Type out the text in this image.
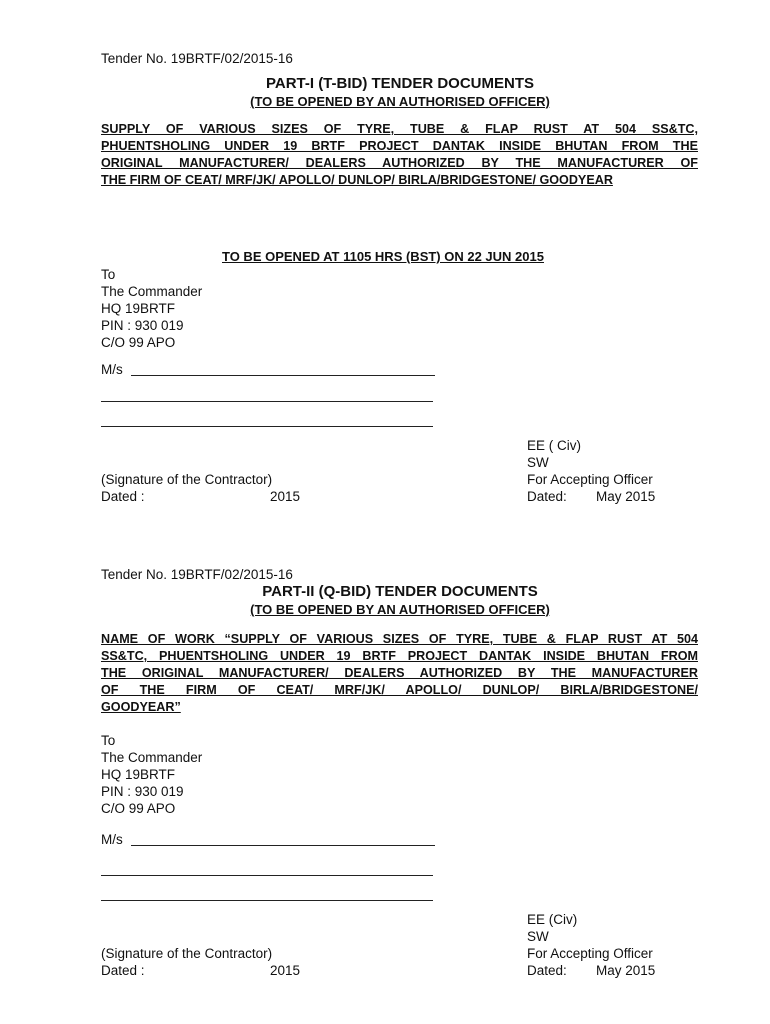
Tender No. 19BRTF/02/2015-16
PART-I (T-BID) TENDER DOCUMENTS
(TO BE OPENED BY AN AUTHORISED OFFICER)
SUPPLY OF VARIOUS SIZES OF TYRE, TUBE & FLAP RUST AT 504 SS&TC,
PHUENTSHOLING UNDER 19 BRTF PROJECT DANTAK INSIDE BHUTAN FROM THE
ORIGINAL MANUFACTURER/ DEALERS AUTHORIZED BY THE MANUFACTURER OF
THE FIRM OF CEAT/ MRF/JK/ APOLLO/ DUNLOP/ BIRLA/BRIDGESTONE/ GOODYEAR
TO BE OPENED AT 1105 HRS (BST) ON 22 JUN 2015
To
The Commander
HQ 19BRTF
PIN : 930 019
C/O 99 APO
M/s
EE ( Civ)
SW
For Accepting Officer
Dated: May 2015
(Signature of the Contractor)
Dated :	2015
Tender No. 19BRTF/02/2015-16
PART-II (Q-BID) TENDER DOCUMENTS
(TO BE OPENED BY AN AUTHORISED OFFICER)
NAME OF WORK “SUPPLY OF VARIOUS SIZES OF TYRE, TUBE & FLAP RUST AT 504
SS&TC, PHUENTSHOLING UNDER 19 BRTF PROJECT DANTAK INSIDE BHUTAN FROM
THE ORIGINAL MANUFACTURER/ DEALERS AUTHORIZED BY THE MANUFACTURER
OF THE FIRM OF CEAT/ MRF/JK/ APOLLO/ DUNLOP/ BIRLA/BRIDGESTONE/
GOODYEAR”
To
The Commander
HQ 19BRTF
PIN : 930 019
C/O 99 APO
M/s
EE (Civ)
SW
For Accepting Officer
Dated: May 2015
(Signature of the Contractor)
Dated :	2015
